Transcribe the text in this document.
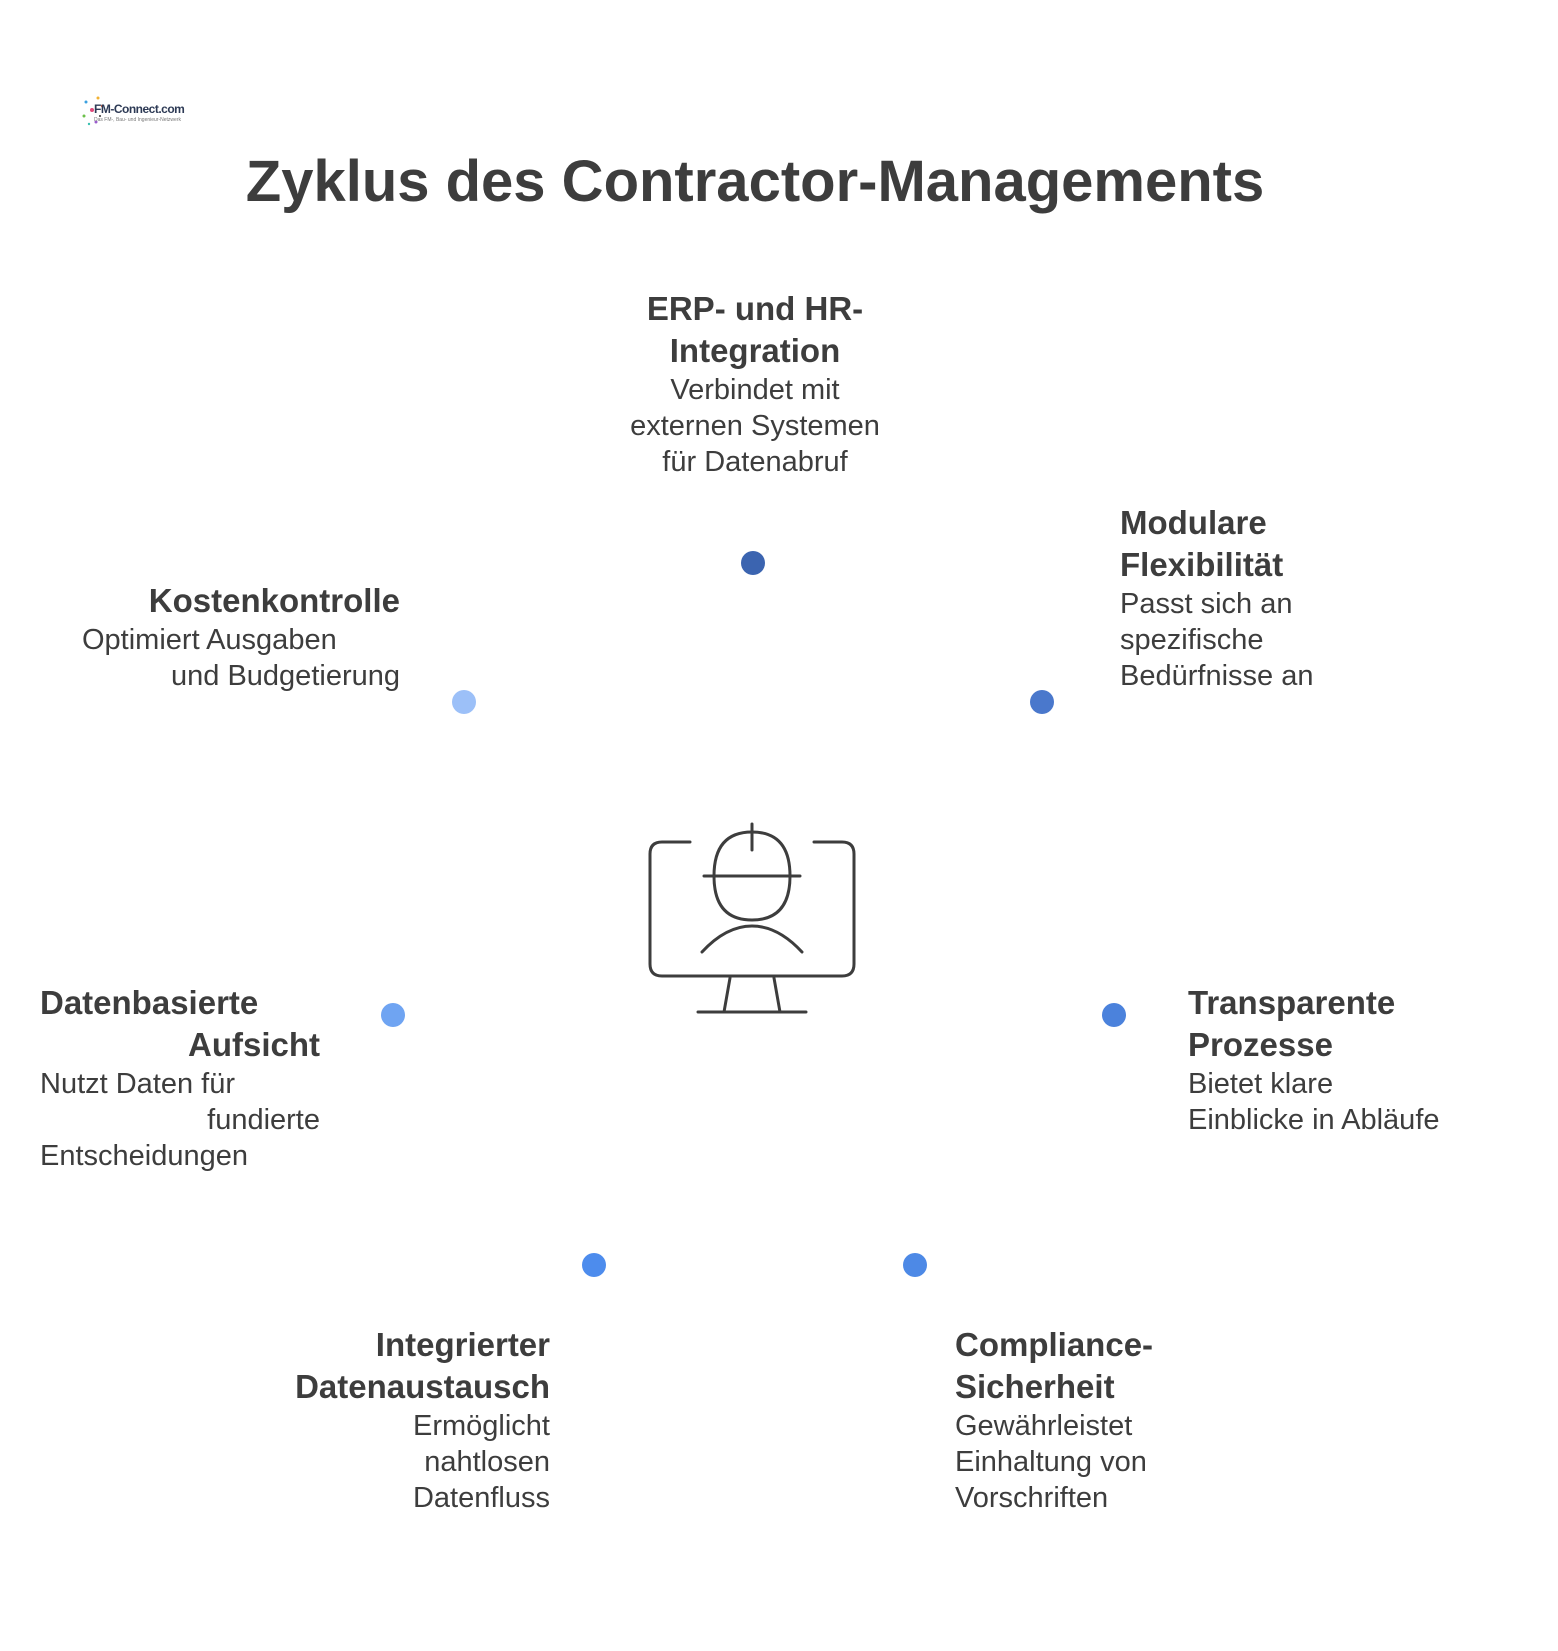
FM-Connect.com
Das FM-, Bau- und Ingenieur-Netzwerk
Zyklus des Contractor-Managements
ERP- und HR-
Integration
Verbindet mit
externen Systemen
für Datenabruf
Modulare
Flexibilität
Passt sich an
spezifische
Bedürfnisse an
Transparente
Prozesse
Bietet klare
Einblicke in Abläufe
Compliance-
Sicherheit
Gewährleistet
Einhaltung von
Vorschriften
Integrierter
Datenaustausch
Ermöglicht
nahtlosen
Datenfluss
Datenbasierte
Aufsicht
Nutzt Daten für
fundierte
Entscheidungen
Kostenkontrolle
Optimiert Ausgaben
und Budgetierung
